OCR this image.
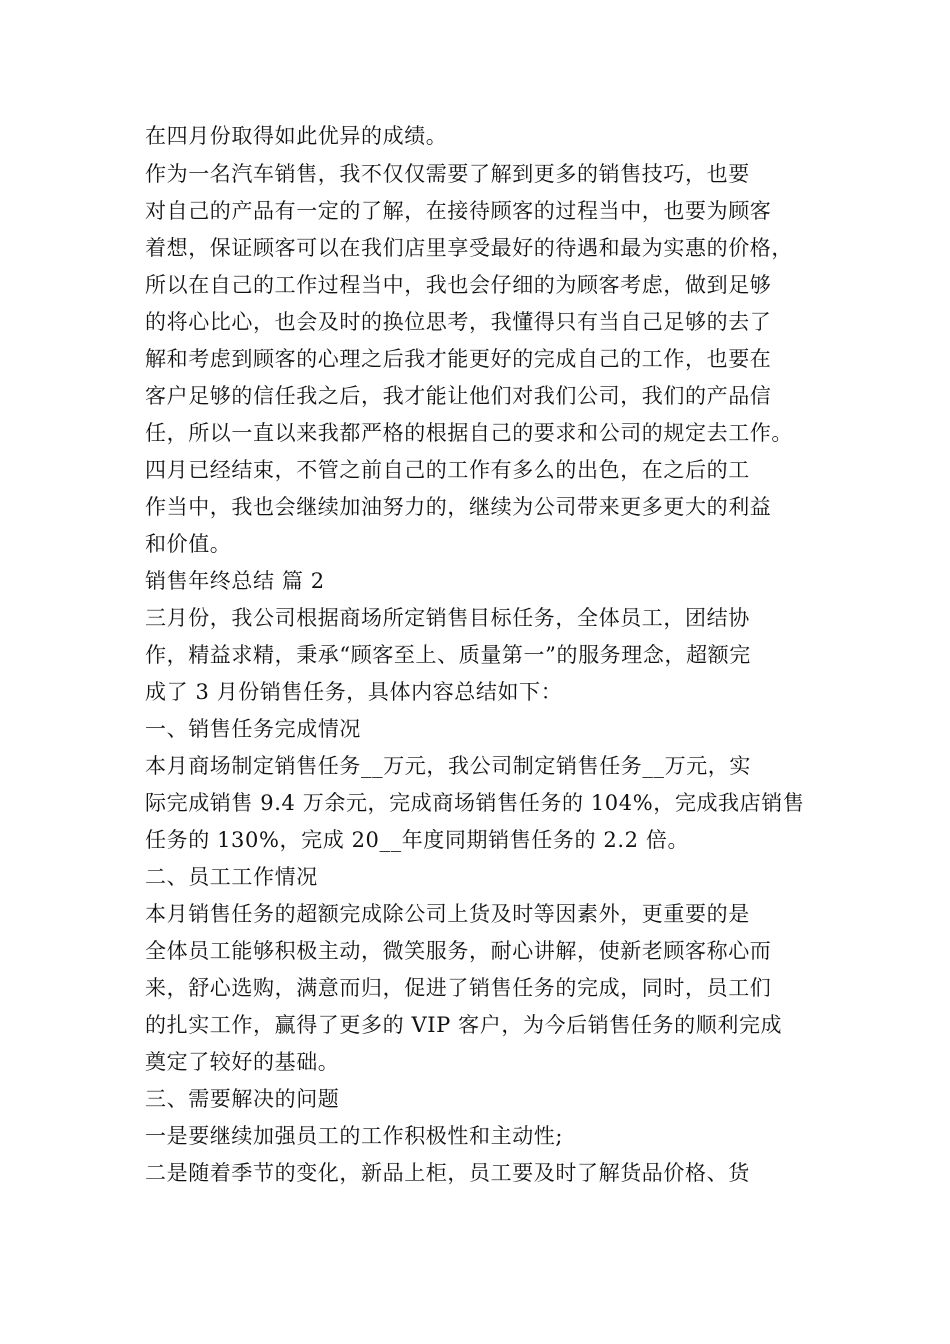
在四月份取得如此优异的成绩。
作为一名汽车销售，我不仅仅需要了解到更多的销售技巧，也要
对自己的产品有一定的了解，在接待顾客的过程当中，也要为顾客
着想，保证顾客可以在我们店里享受最好的待遇和最为实惠的价格，
所以在自己的工作过程当中，我也会仔细的为顾客考虑，做到足够
的将心比心，也会及时的换位思考，我懂得只有当自己足够的去了
解和考虑到顾客的心理之后我才能更好的完成自己的工作，也要在
客户足够的信任我之后，我才能让他们对我们公司，我们的产品信
任，所以一直以来我都严格的根据自己的要求和公司的规定去工作。
四月已经结束，不管之前自己的工作有多么的出色，在之后的工
作当中，我也会继续加油努力的，继续为公司带来更多更大的利益
和价值。
销售年终总结 篇 2
三月份，我公司根据商场所定销售目标任务，全体员工，团结协
作，精益求精，秉承“顾客至上、质量第一”的服务理念，超额完
成了 3 月份销售任务，具体内容总结如下：
一、销售任务完成情况
本月商场制定销售任务__万元，我公司制定销售任务__万元，实
际完成销售 9.4 万余元，完成商场销售任务的 104%，完成我店销售
任务的 130%，完成 20__年度同期销售任务的 2.2 倍。
二、员工工作情况
本月销售任务的超额完成除公司上货及时等因素外，更重要的是
全体员工能够积极主动，微笑服务，耐心讲解，使新老顾客称心而
来，舒心选购，满意而归，促进了销售任务的完成，同时，员工们
的扎实工作，赢得了更多的 VIP 客户，为今后销售任务的顺利完成
奠定了较好的基础。
三、需要解决的问题
一是要继续加强员工的工作积极性和主动性;
二是随着季节的变化，新品上柜，员工要及时了解货品价格、货
